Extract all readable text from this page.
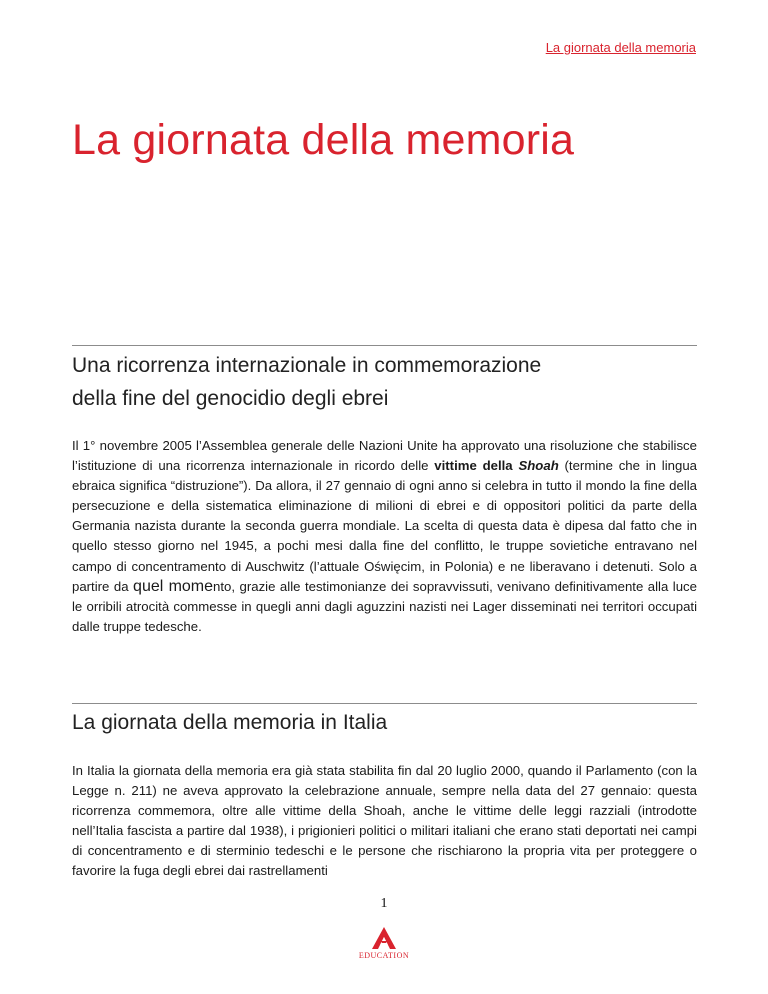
La giornata della memoria
La giornata della memoria
Una ricorrenza internazionale in commemorazione
della fine del genocidio degli ebrei

Il 1° novembre 2005 l’Assemblea generale delle Nazioni Unite ha approvato una risoluzione che stabilisce l’istituzione di una ricorrenza internazionale in ricordo delle vittime della Shoah (termine che in lingua ebraica significa “distruzione”). Da allora, il 27 gennaio di ogni anno si celebra in tutto il mondo la fine della persecuzione e della sistematica eliminazione di milioni di ebrei e di oppositori politici da parte della Germania nazista durante la seconda guerra mondiale. La scelta di questa data è dipesa dal fatto che in quello stesso giorno nel 1945, a pochi mesi dalla fine del conflitto, le truppe sovietiche entravano nel campo di concentramento di Auschwitz (l’attuale Oświęcim, in Polonia) e ne liberavano i detenuti. Solo a partire da quel momento, grazie alle testimonianze dei sopravvissuti, venivano definitivamente alla luce le orribili atrocità commesse in quegli anni dagli aguzzini nazisti nei Lager disseminati nei territori occupati dalle truppe tedesche.

La giornata della memoria in Italia

In Italia la giornata della memoria era già stata stabilita fin dal 20 luglio 2000, quando il Parlamento (con la Legge n. 211) ne aveva approvato la celebrazione annuale, sempre nella data del 27 gennaio: questa ricorrenza commemora, oltre alle vittime della Shoah, anche le vittime delle leggi razziali (introdotte nell’Italia fascista a partire dal 1938), i prigionieri politici o militari italiani che erano stati deportati nei campi di concentramento e di sterminio tedeschi e le persone che rischiarono la propria vita per proteggere o favorire la fuga degli ebrei dai rastrellamenti

1
EDUCATION
